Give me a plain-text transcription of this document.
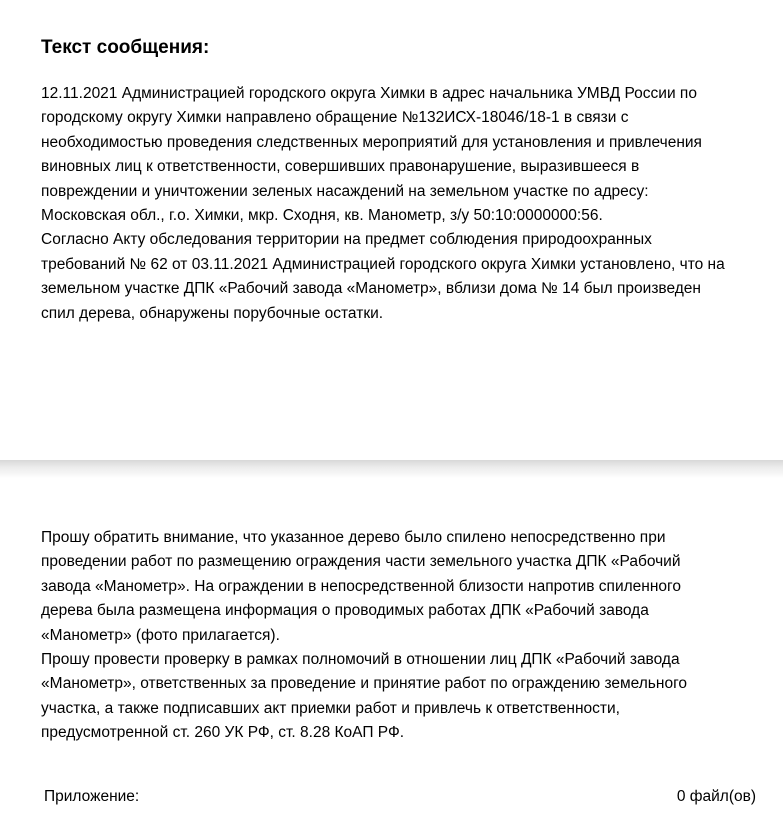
Текст сообщения:

12.11.2021 Администрацией городского округа Химки в адрес начальника УМВД России по

городскому округу Химки направлено обращение №132ИСХ-18046/18-1 в связи с

необходимостью проведения следственных мероприятий для установления и привлечения

виновных лиц к ответственности, совершивших правонарушение, выразившееся в

повреждении и уничтожении зеленых насаждений на земельном участке по адресу:

Московская обл., г.о. Химки, мкр. Сходня, кв. Манометр, з/у 50:10:0000000:56.

Согласно Акту обследования территории на предмет соблюдения природоохранных

требований № 62 от 03.11.2021 Администрацией городского округа Химки установлено, что на

земельном участке ДПК «Рабочий завода «Манометр», вблизи дома № 14 был произведен

спил дерева, обнаружены порубочные остатки.

Прошу обратить внимание, что указанное дерево было спилено непосредственно при

проведении работ по размещению ограждения части земельного участка ДПК «Рабочий

завода «Манометр». На ограждении в непосредственной близости напротив спиленного

дерева была размещена информация о проводимых работах ДПК «Рабочий завода

«Манометр» (фото прилагается).

Прошу провести проверку в рамках полномочий в отношении лиц ДПК «Рабочий завода

«Манометр», ответственных за проведение и принятие работ по ограждению земельного

участка, а также подписавших акт приемки работ и привлечь к ответственности,

предусмотренной ст. 260 УК РФ, ст. 8.28 КоАП РФ.

Приложение:	0 файл(ов)
